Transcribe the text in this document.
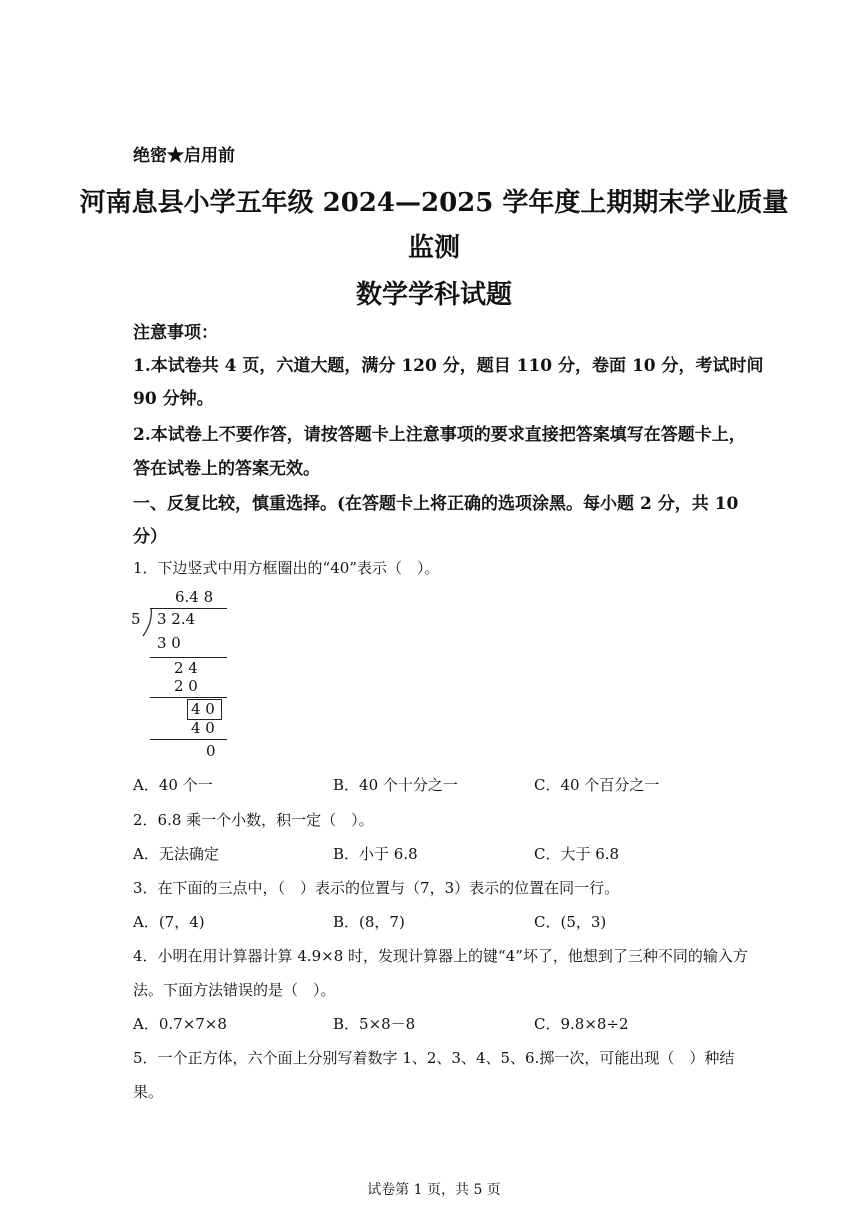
绝密★启用前
河南息县小学五年级 2024—2025 学年度上期期末学业质量
监测
数学学科试题
注意事项：
1.本试卷共 4 页，六道大题，满分 120 分，题目 110 分，卷面 10 分，考试时间
90 分钟。
2.本试卷上不要作答，请按答题卡上注意事项的要求直接把答案填写在答题卡上，
答在试卷上的答案无效。
一、反复比较，慎重选择。(在答题卡上将正确的选项涂黑。每小题 2 分，共 10
分）
1．下边竖式中用方框圈出的“40”表示（　）。
6.4 8
5 3 2.4
3 0
2 4
2 0
4 0
4 0
0
A．40 个一	B．40 个十分之一	C．40 个百分之一
2．6.8 乘一个小数，积一定（　）。
A．无法确定	B．小于 6.8	C．大于 6.8
3．在下面的三点中，（　）表示的位置与（7，3）表示的位置在同一行。
A．(7，4)	B．(8，7)	C．(5，3)
4．小明在用计算器计算 4.9×8 时，发现计算器上的键“4”坏了，他想到了三种不同的输入方
法。下面方法错误的是（　）。
A．0.7×7×8	B．5×8－8	C．9.8×8÷2
5．一个正方体，六个面上分别写着数字 1、2、3、4、5、6.掷一次，可能出现（　）种结
果。
试卷第 1 页，共 5 页
